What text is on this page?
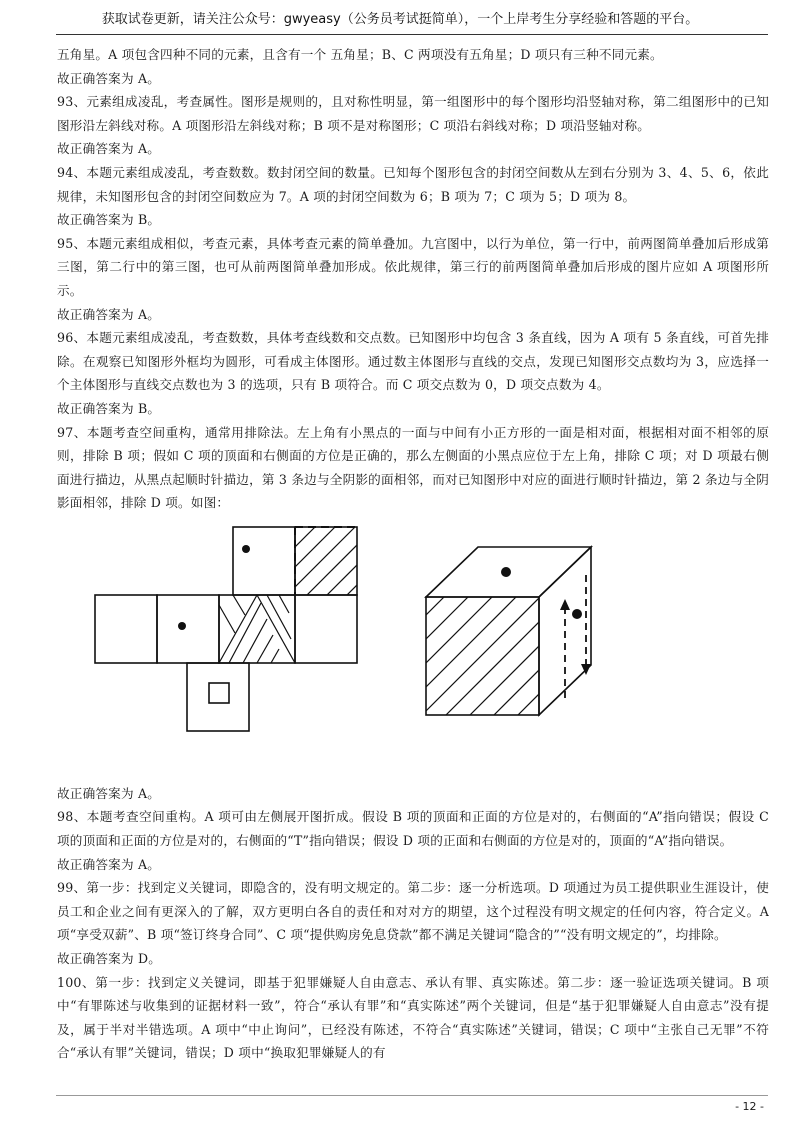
获取试卷更新，请关注公众号：gwyeasy（公务员考试挺简单），一个上岸考生分享经验和答题的平台。

五角星。A 项包含四种不同的元素，且含有一个 五角星；B、C 两项没有五角星；D 项只有三种不同元素。

故正确答案为 A。

93、元素组成凌乱，考查属性。图形是规则的，且对称性明显，第一组图形中的每个图形均沿竖轴对称，第二组图形中的已知图形沿左斜线对称。A 项图形沿左斜线对称；B 项不是对称图形；C 项沿右斜线对称；D 项沿竖轴对称。

故正确答案为 A。

94、本题元素组成凌乱，考查数数。数封闭空间的数量。已知每个图形包含的封闭空间数从左到右分别为 3、4、5、6，依此规律，未知图形包含的封闭空间数应为 7。A 项的封闭空间数为 6；B 项为 7；C 项为 5；D 项为 8。

故正确答案为 B。

95、本题元素组成相似，考查元素，具体考查元素的简单叠加。九宫图中，以行为单位，第一行中，前两图简单叠加后形成第三图，第二行中的第三图，也可从前两图简单叠加形成。依此规律，第三行的前两图简单叠加后形成的图片应如 A 项图形所示。

故正确答案为 A。

96、本题元素组成凌乱，考查数数，具体考查线数和交点数。已知图形中均包含 3 条直线，因为 A 项有 5 条直线，可首先排除。在观察已知图形外框均为圆形，可看成主体图形。通过数主体图形与直线的交点，发现已知图形交点数均为 3，应选择一个主体图形与直线交点数也为 3 的选项，只有 B 项符合。而 C 项交点数为 0，D 项交点数为 4。

故正确答案为 B。

97、本题考查空间重构，通常用排除法。左上角有小黑点的一面与中间有小正方形的一面是相对面，根据相对面不相邻的原则，排除 B 项；假如 C 项的顶面和右侧面的方位是正确的，那么左侧面的小黑点应位于左上角，排除 C 项；对 D 项最右侧面进行描边，从黑点起顺时针描边，第 3 条边与全阴影的面相邻，而对已知图形中对应的面进行顺时针描边，第 2 条边与全阴影面相邻，排除 D 项。如图：

故正确答案为 A。

98、本题考查空间重构。A 项可由左侧展开图折成。假设 B 项的顶面和正面的方位是对的，右侧面的“A”指向错误；假设 C 项的顶面和正面的方位是对的，右侧面的“T”指向错误；假设 D 项的正面和右侧面的方位是对的，顶面的“A”指向错误。

故正确答案为 A。

99、第一步：找到定义关键词，即隐含的，没有明文规定的。第二步：逐一分析选项。D 项通过为员工提供职业生涯设计，使员工和企业之间有更深入的了解，双方更明白各自的责任和对对方的期望，这个过程没有明文规定的任何内容，符合定义。A 项“享受双薪”、B 项“签订终身合同”、C 项“提供购房免息贷款”都不满足关键词“隐含的”“没有明文规定的”，均排除。

故正确答案为 D。

100、第一步：找到定义关键词，即基于犯罪嫌疑人自由意志、承认有罪、真实陈述。第二步：逐一验证选项关键词。B 项中“有罪陈述与收集到的证据材料一致”，符合“承认有罪”和“真实陈述”两个关键词，但是“基于犯罪嫌疑人自由意志”没有提及，属于半对半错选项。A 项中“中止询问”，已经没有陈述，不符合“真实陈述”关键词，错误；C 项中“主张自己无罪”不符合“承认有罪”关键词，错误；D 项中“换取犯罪嫌疑人的有

- 12 -
